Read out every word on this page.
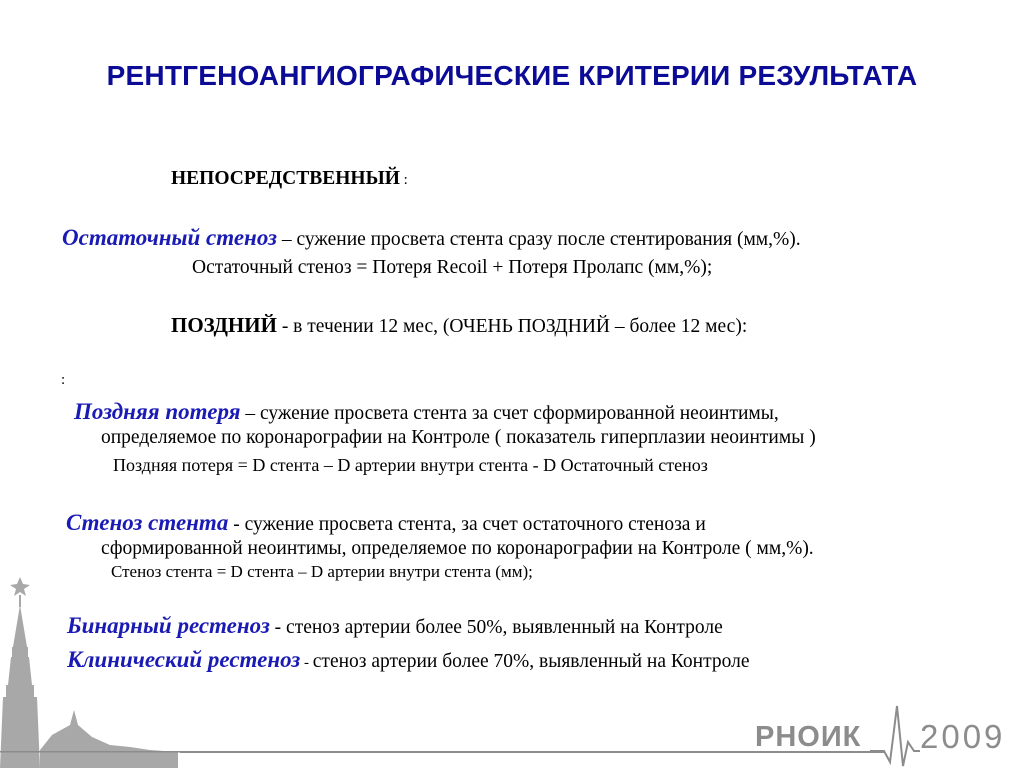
РЕНТГЕНОАНГИОГРАФИЧЕСКИЕ КРИТЕРИИ РЕЗУЛЬТАТА
НЕПОСРЕДСТВЕННЫЙ :
Остаточный стеноз – сужение просвета стента сразу после стентирования (мм,%).
Остаточный стеноз = Потеря Recoil + Потеря Пролапс (мм,%);
ПОЗДНИЙ - в течении 12 мес, (ОЧЕНЬ ПОЗДНИЙ – более 12 мес):
:
Поздняя потеря – сужение просвета стента за счет сформированной неоинтимы,
определяемое по коронарографии на Контроле ( показатель гиперплазии неоинтимы )
Поздняя потеря = D стента – D артерии внутри стента - D Остаточный стеноз
Стеноз стента - сужение просвета стента, за счет остаточного стеноза и
сформированной неоинтимы, определяемое по коронарографии на Контроле ( мм,%).
Стеноз стента = D стента – D артерии внутри стента (мм);
Бинарный рестеноз - стеноз артерии более 50%, выявленный на Контроле
Клинический рестеноз - стеноз артерии более 70%, выявленный на Контроле
РНОИК 2009
